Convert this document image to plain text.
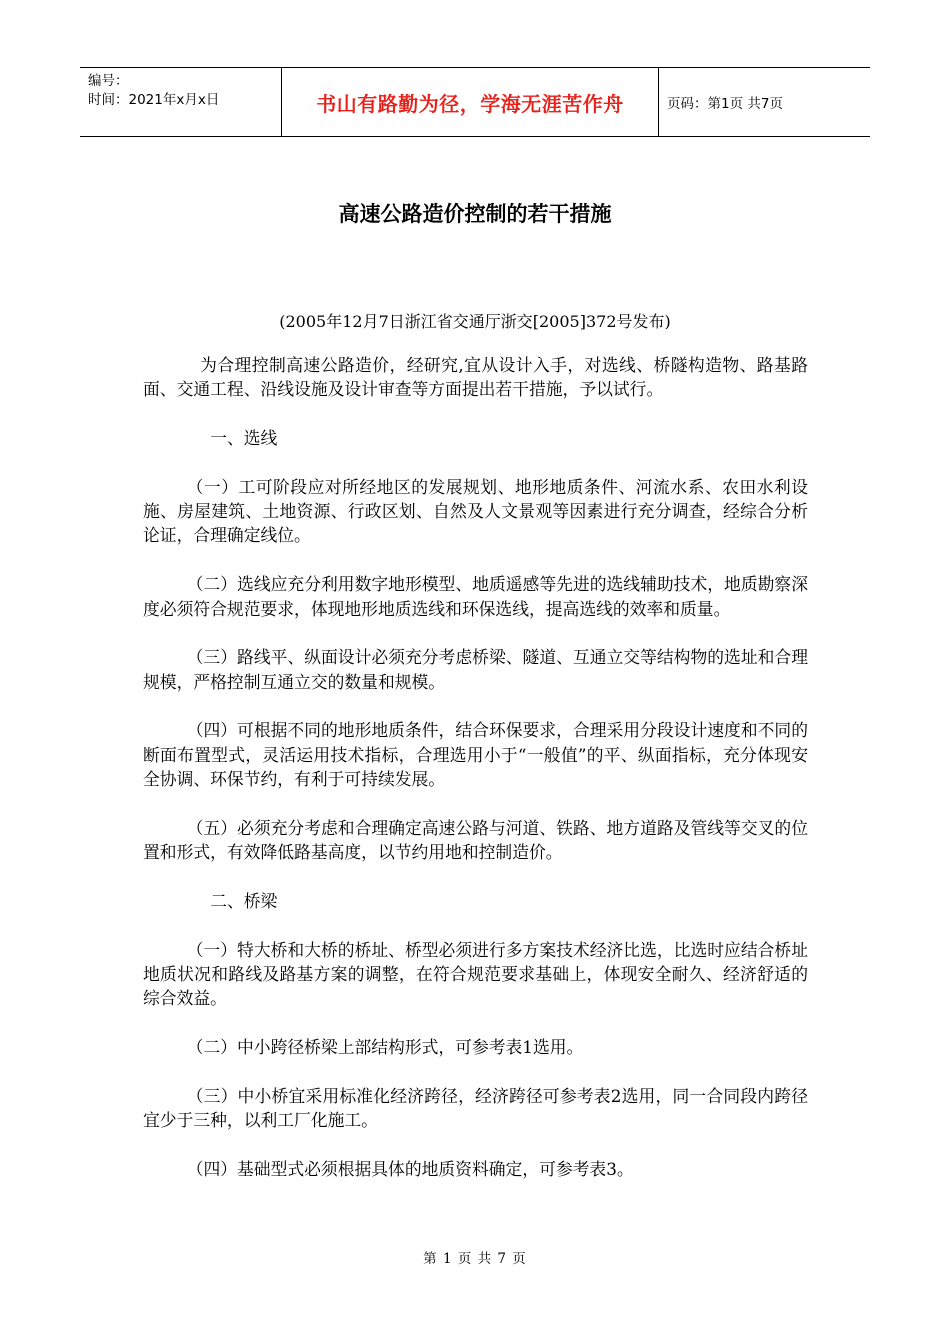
编号：
时间：2021年x月x日	书山有路勤为径，学海无涯苦作舟	页码：第1页 共7页
高速公路造价控制的若干措施
(2005年12月7日浙江省交通厅浙交[2005]372号发布)

为合理控制高速公路造价，经研究,宜从设计入手，对选线、桥隧构造物、路基路面、交通工程、沿线设施及设计审查等方面提出若干措施，予以试行。

一、选线

（一）工可阶段应对所经地区的发展规划、地形地质条件、河流水系、农田水利设施、房屋建筑、土地资源、行政区划、自然及人文景观等因素进行充分调查，经综合分析论证，合理确定线位。

（二）选线应充分利用数字地形模型、地质遥感等先进的选线辅助技术，地质勘察深度必须符合规范要求，体现地形地质选线和环保选线，提高选线的效率和质量。

（三）路线平、纵面设计必须充分考虑桥梁、隧道、互通立交等结构物的选址和合理规模，严格控制互通立交的数量和规模。

（四）可根据不同的地形地质条件，结合环保要求，合理采用分段设计速度和不同的断面布置型式，灵活运用技术指标，合理选用小于“一般值”的平、纵面指标，充分体现安全协调、环保节约，有利于可持续发展。

（五）必须充分考虑和合理确定高速公路与河道、铁路、地方道路及管线等交叉的位置和形式，有效降低路基高度，以节约用地和控制造价。

二、桥梁

（一）特大桥和大桥的桥址、桥型必须进行多方案技术经济比选，比选时应结合桥址地质状况和路线及路基方案的调整，在符合规范要求基础上，体现安全耐久、经济舒适的综合效益。

（二）中小跨径桥梁上部结构形式，可参考表1选用。

（三）中小桥宜采用标准化经济跨径，经济跨径可参考表2选用，同一合同段内跨径宜少于三种，以利工厂化施工。

（四）基础型式必须根据具体的地质资料确定，可参考表3。

第 1 页 共 7 页
